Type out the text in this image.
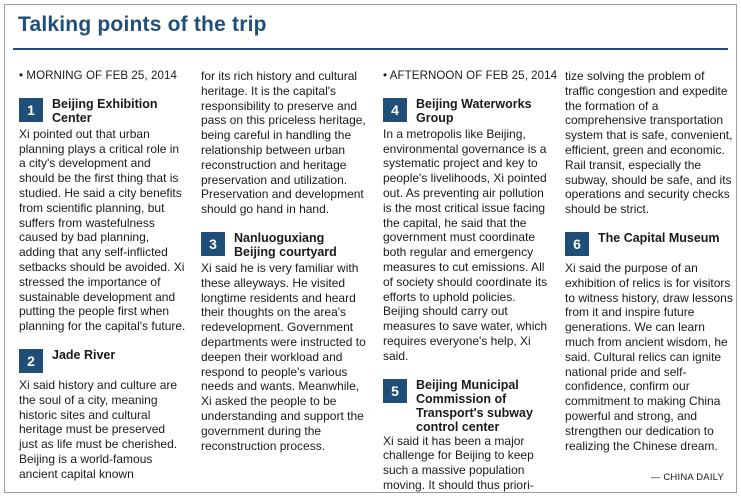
Talking points of the trip
• MORNING OF FEB 25, 2014
1	Beijing Exhibition Center

Xi pointed out that urban planning plays a critical role in a city's development and should be the first thing that is studied. He said a city benefits from scientific planning, but suffers from wastefulness caused by bad planning, adding that any self-inflicted setbacks should be avoided. Xi stressed the importance of sustainable development and putting the people first when planning for the capital's future.

2	Jade River

Xi said history and culture are the soul of a city, meaning historic sites and cultural heritage must be preserved just as life must be cherished. Beijing is a world-famous ancient capital known

for its rich history and cultural heritage. It is the capital's responsibility to preserve and pass on this priceless heritage, being careful in handling the relationship between urban reconstruction and heritage preservation and utilization. Preservation and development should go hand in hand.

3	Nanluoguxiang Beijing courtyard

Xi said he is very familiar with these alleyways. He visited longtime residents and heard their thoughts on the area's redevelopment. Government departments were instructed to deepen their workload and respond to people's various needs and wants. Meanwhile, Xi asked the people to be understanding and support the government during the reconstruction process.

• AFTERNOON OF FEB 25, 2014
4	Beijing Waterworks Group

In a metropolis like Beijing, environmental governance is a systematic project and key to people's livelihoods, Xi pointed out. As preventing air pollution is the most critical issue facing the capital, he said that the government must coordinate both regular and emergency measures to cut emissions. All of society should coordinate its efforts to uphold policies. Beijing should carry out measures to save water, which requires everyone's help, Xi said.

5	Beijing Municipal Commission of Transport's subway control center

Xi said it has been a major challenge for Beijing to keep such a massive population moving. It should thus priori-

tize solving the problem of traffic congestion and expedite the formation of a comprehensive transportation system that is safe, convenient, efficient, green and economic. Rail transit, especially the subway, should be safe, and its operations and security checks should be strict.

6	The Capital Museum

Xi said the purpose of an exhibition of relics is for visitors to witness history, draw lessons from it and inspire future generations. We can learn much from ancient wisdom, he said. Cultural relics can ignite national pride and self-confidence, confirm our commitment to making China powerful and strong, and strengthen our dedication to realizing the Chinese dream.

— CHINA DAILY
